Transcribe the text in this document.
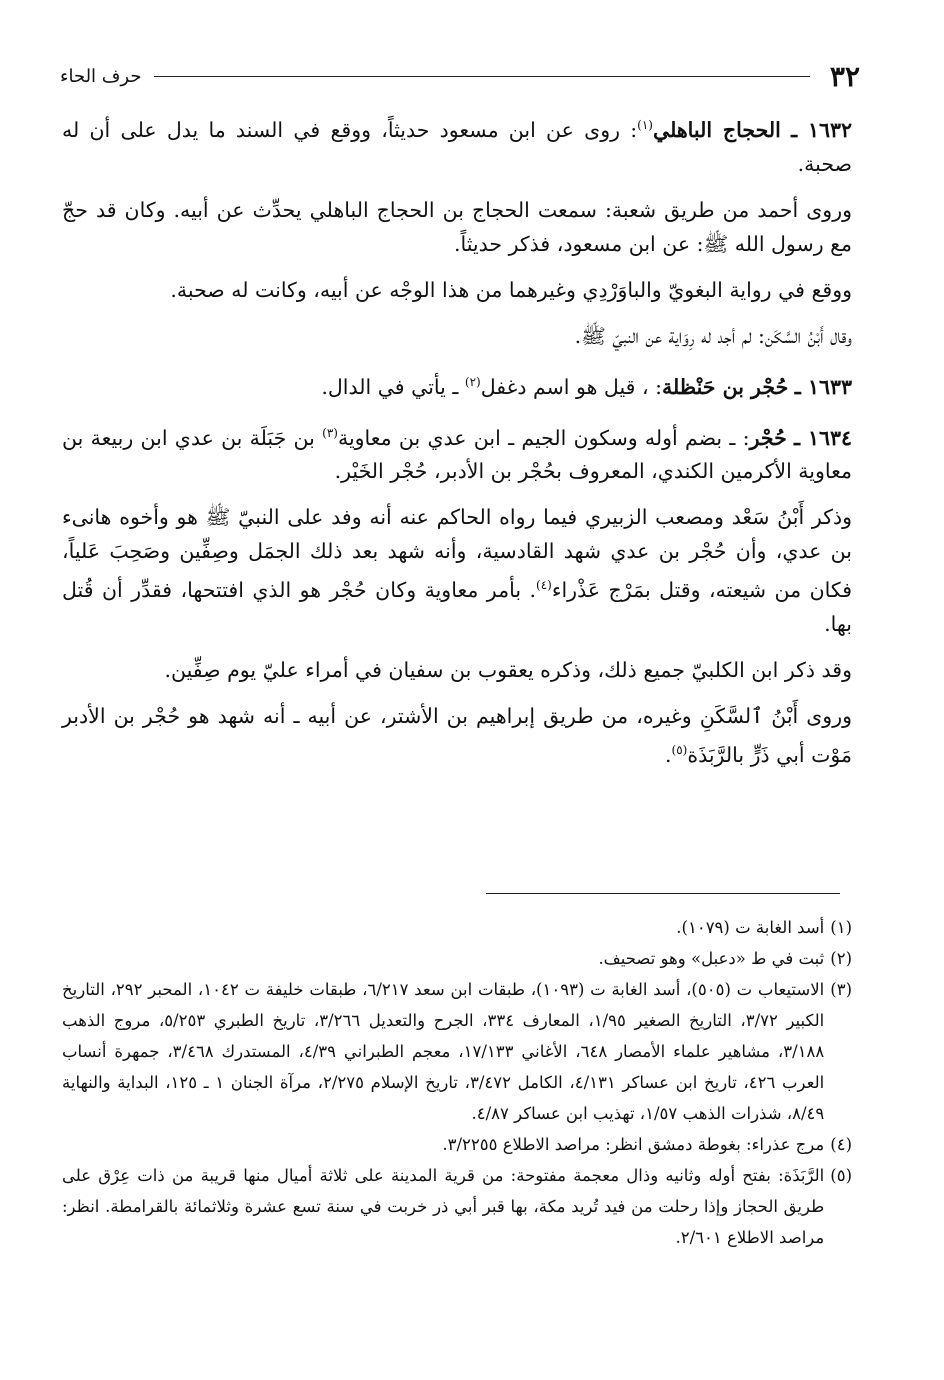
٣٢
حرف الحاء

١٦٣٢ ـ الحجاج الباهلي$^{(١)}$: روى عن ابن مسعود حديثاً، ووقع في السند ما يدل على أن له صحبة.

وروى أحمد من طريق شعبة: سمعت الحجاج بن الحجاج الباهلي يحدِّث عن أبيه. وكان قد حجّ مع رسول الله ﷺ: عن ابن مسعود، فذكر حديثاً.

ووقع في رواية البغويّ والباوَرْدِي وغيرهما من هذا الوجْه عن أبيه، وكانت له صحبة.

وقال أَبْنُ السَّكَن: لم أجد له رِوَاية عن النبيّ ﷺ.

١٦٣٣ ـ حُجْر بن حَنْظلة: ، قيل هو اسم دغفل$^{(٢)}$ ـ يأتي في الدال.

١٦٣٤ ـ حُجْر: ـ بضم أوله وسكون الجيم ـ ابن عدي بن معاوية$^{(٣)}$ بن جَبَلَة بن عدي ابن ربيعة بن معاوية الأكرمين الكندي، المعروف بحُجْر بن الأدبر، حُجْر الخَيْر.

وذكر أَبْنُ سَعْد ومصعب الزبيري فيما رواه الحاكم عنه أنه وفد على النبيّ ﷺ هو وأخوه هانىء بن عدي، وأن حُجْر بن عدي شهد القادسية، وأنه شهد بعد ذلك الجمَل وصِفِّين وصَحِبَ عَلياً، فكان من شيعته، وقتل بمَرْج عَذْراء$^{(٤)}$. بأمر معاوية وكان حُجْر هو الذي افتتحها، فقدِّر أن قُتل بها.

وقد ذكر ابن الكلبيّ جميع ذلك، وذكره يعقوب بن سفيان في أمراء عليّ يوم صِفِّين.

وروى أَبْنُ ٱلسَّكَنِ وغيره، من طريق إبراهيم بن الأشتر، عن أبيه ـ أنه شهد هو حُجْر بن الأدبر مَوْت أبي ذَرٍّ بالرَّبَذَة$^{(٥)}$.

(١)
أسد الغابة ت (١٠٧٩).
(٢)
ثبت في ط «دعبل» وهو تصحيف.
(٣)
الاستيعاب ت (٥٠٥)، أسد الغابة ت (١٠٩٣)، طبقات ابن سعد ٦/٢١٧، طبقات خليفة ت ١٠٤٢، المحبر ٢٩٢، التاريخ الكبير ٣/٧٢، التاريخ الصغير ١/٩٥، المعارف ٣٣٤، الجرح والتعديل ٣/٢٦٦، تاريخ الطبري ٥/٢٥٣، مروج الذهب ٣/١٨٨، مشاهير علماء الأمصار ٦٤٨، الأغاني ١٧/١٣٣، معجم الطبراني ٤/٣٩، المستدرك ٣/٤٦٨، جمهرة أنساب العرب ٤٢٦، تاريخ ابن عساكر ٤/١٣١، الكامل ٣/٤٧٢، تاريخ الإسلام ٢/٢٧٥، مرآة الجنان ١ ـ ١٢٥، البداية والنهاية ٨/٤٩، شذرات الذهب ١/٥٧، تهذيب ابن عساكر ٤/٨٧.
(٤)
مرج عذراء: بغوطة دمشق انظر: مراصد الاطلاع ٣/٢٢٥٥.
(٥)
الرَّبَذَة: بفتح أوله وثانيه وذال معجمة مفتوحة: من قرية المدينة على ثلاثة أميال منها قريبة من ذات عِرْق على طريق الحجاز وإذا رحلت من فيد تُريد مكة، بها قبر أبي ذر خربت في سنة تسع عشرة وثلاثمائة بالقرامطة. انظر: مراصد الاطلاع ٢/٦٠١.
